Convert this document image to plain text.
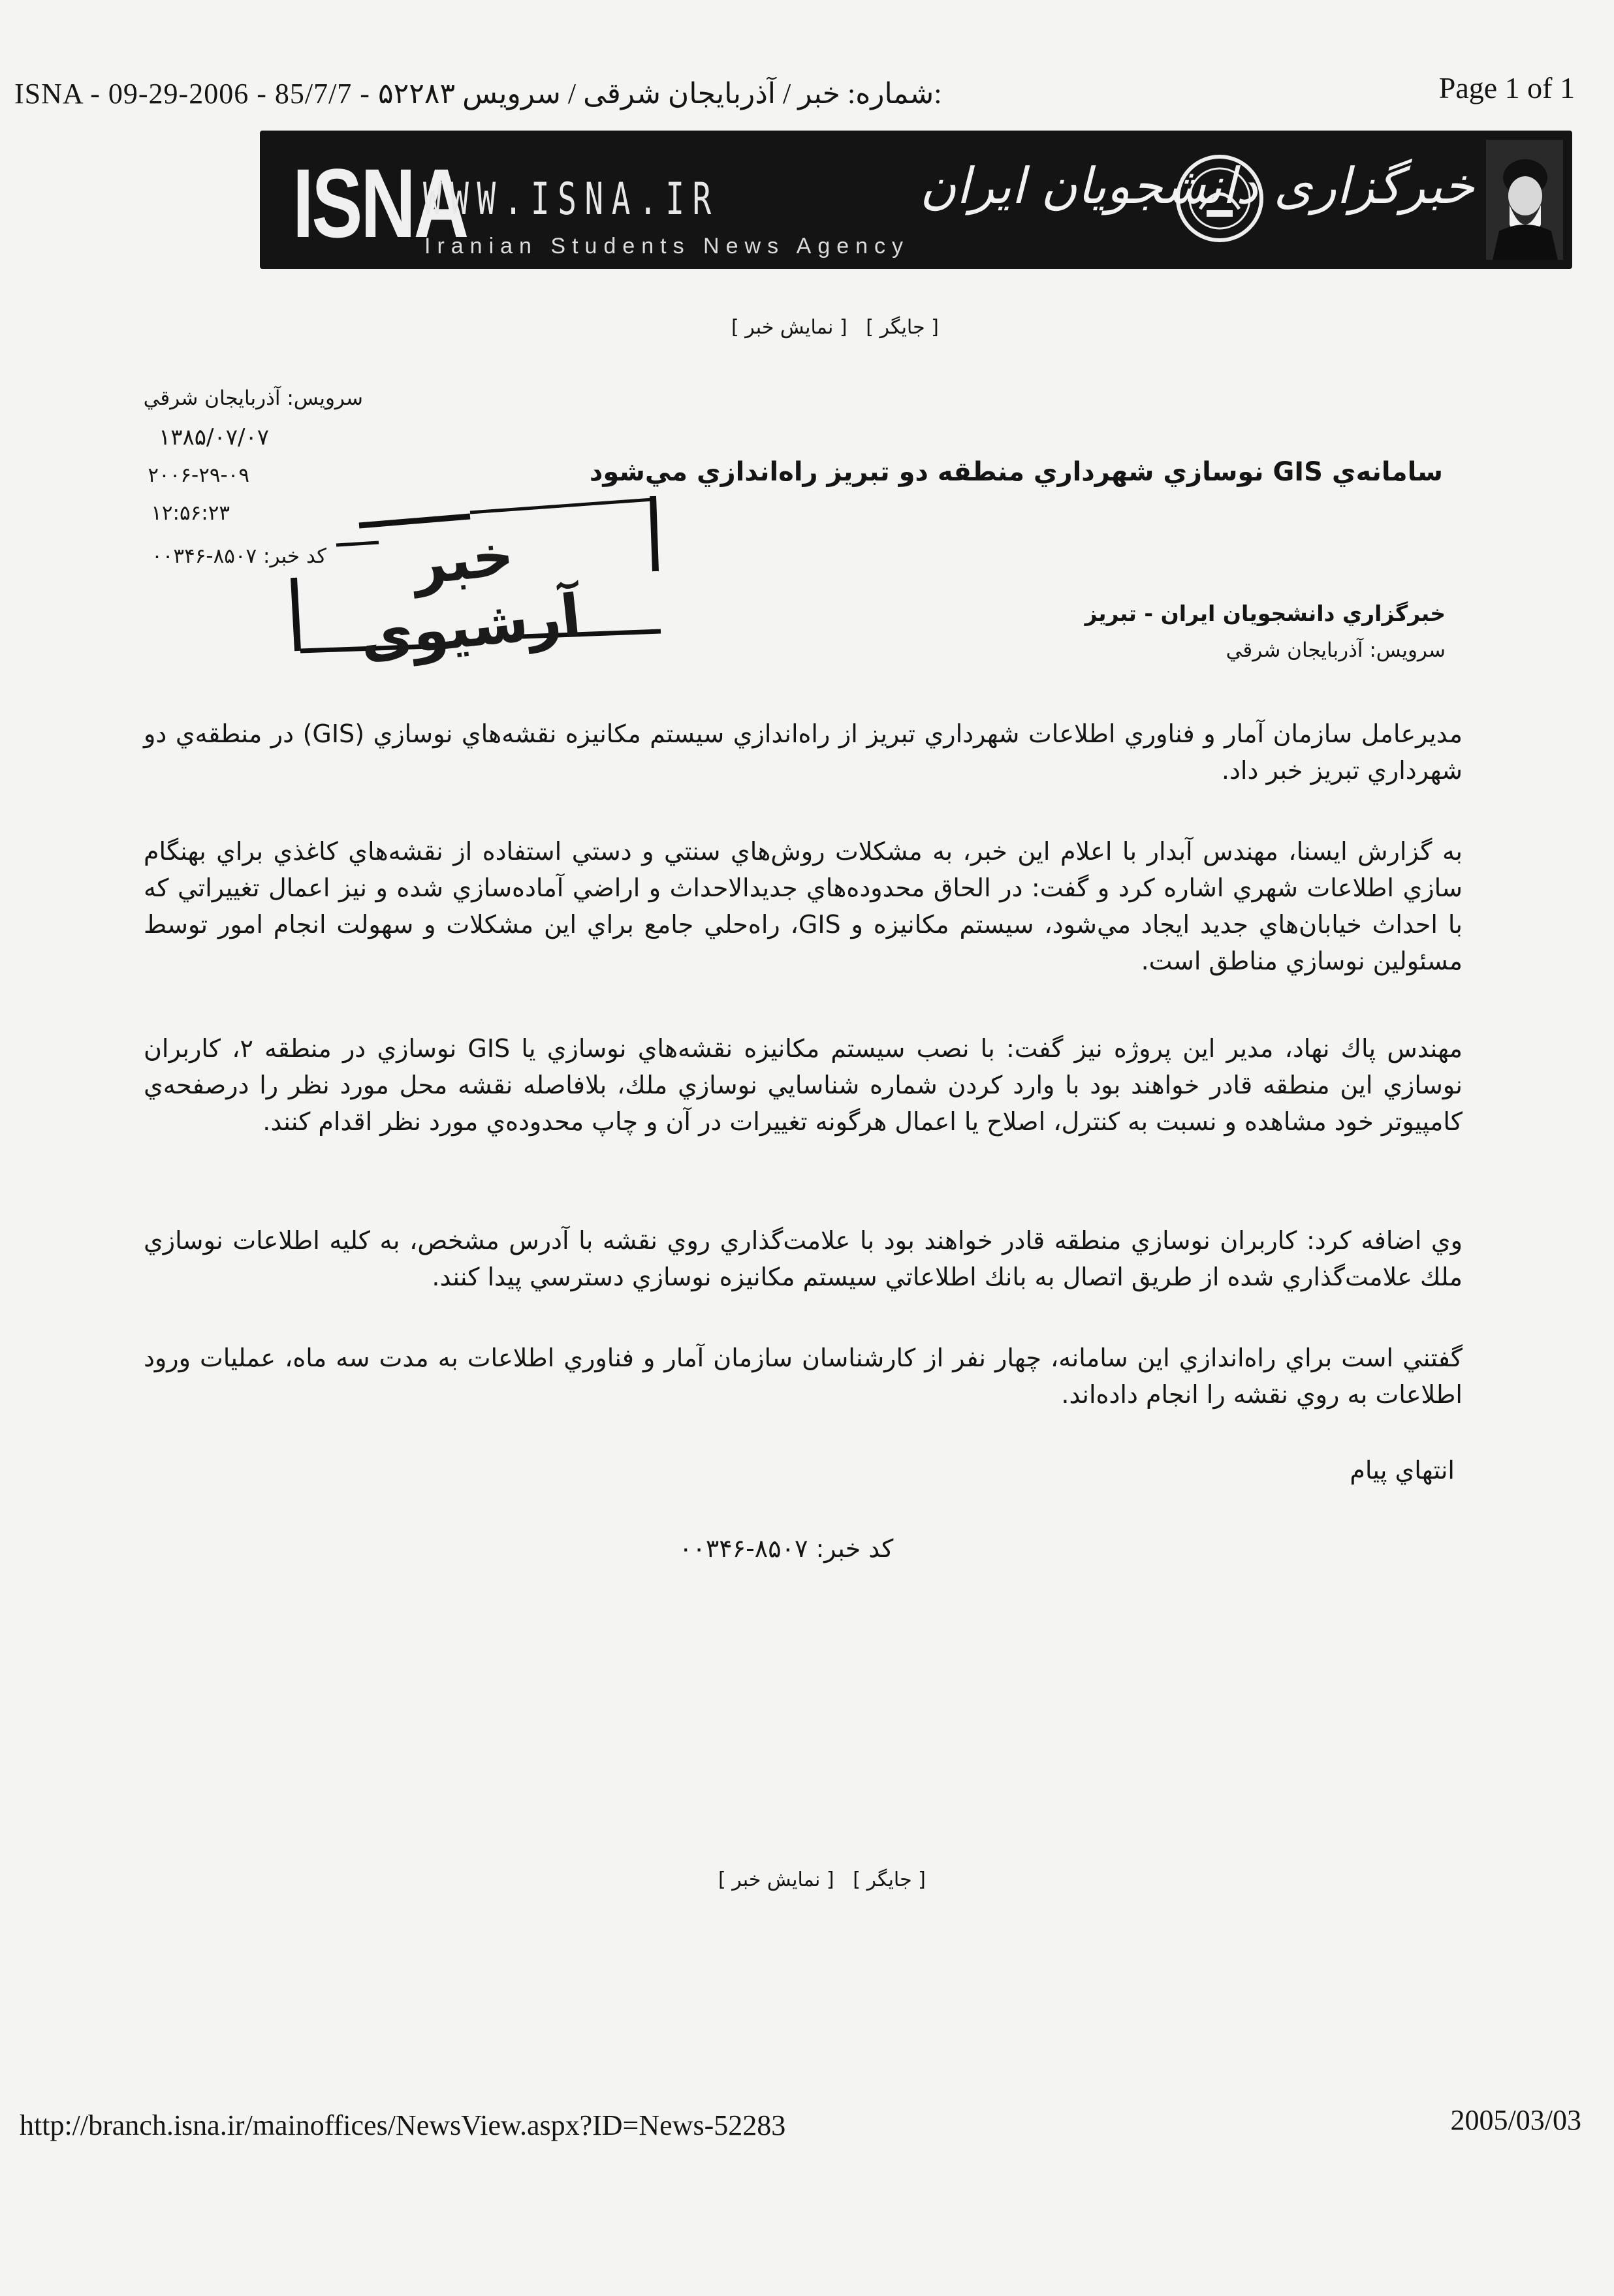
ISNA - 09-29-2006 - 85/7/7 - ۵۲۲۸۳ شماره: خبر / آذربایجان شرقی / سرویس:	Page 1 of 1
ISNA
WWW.ISNA.IR
Iranian Students News Agency
خبرگزاری دانشجویان ایران
[ جايگر ]   [ نمايش خبر ]
سرويس: آذربايجان شرقي
۱۳۸۵/۰۷/۰۷
۲۰۰۶-۲۹-۰۹
۱۲:۵۶:۲۳
كد خبر: ۸۵۰۷-۰۰۳۴۶	خبر آرشيوى
سامانه‌ي GIS نوسازي شهرداري منطقه دو تبريز راه‌اندازي مي‌شود
خبرگزاري دانشجويان ايران - تبريز
سرويس: آذربايجان شرقي
مديرعامل سازمان آمار و فناوري اطلاعات شهرداري تبريز از راه‌اندازي سيستم مكانيزه نقشه‌هاي نوسازي (GIS) در منطقه‌ي دو شهرداري تبريز خبر داد.
به گزارش ايسنا، مهندس آبدار با اعلام اين خبر، به مشكلات روش‌هاي سنتي و دستي استفاده از نقشه‌هاي كاغذي براي بهنگام سازي اطلاعات شهري اشاره كرد و گفت: در الحاق محدوده‌هاي جديدالاحداث و اراضي آماده‌سازي شده و نيز اعمال تغييراتي كه با احداث خيابان‌هاي جديد ايجاد مي‌شود، سيستم مكانيزه و GIS، راه‌حلي جامع براي اين مشكلات و سهولت انجام امور توسط مسئولين نوسازي مناطق است.
مهندس پاك نهاد، مدير اين پروژه نيز گفت: با نصب سيستم مكانيزه نقشه‌هاي نوسازي يا GIS نوسازي در منطقه ۲، كاربران نوسازي اين منطقه قادر خواهند بود با وارد كردن شماره شناسايي نوسازي ملك، بلافاصله نقشه محل مورد نظر را درصفحه‌ي كامپيوتر خود مشاهده و نسبت به كنترل، اصلاح يا اعمال هرگونه تغييرات در آن و چاپ محدوده‌ي مورد نظر اقدام كنند.
وي اضافه كرد: كاربران نوسازي منطقه قادر خواهند بود با علامت‌گذاري روي نقشه با آدرس مشخص، به كليه اطلاعات نوسازي ملك علامت‌گذاري شده از طريق اتصال به بانك اطلاعاتي سيستم مكانيزه نوسازي دسترسي پيدا كنند.
گفتني است براي راه‌اندازي اين سامانه، چهار نفر از كارشناسان سازمان آمار و فناوري اطلاعات به مدت سه ماه، عمليات ورود اطلاعات به روي نقشه را انجام داده‌اند.
انتهاي پيام
كد خبر: ۸۵۰۷-۰۰۳۴۶
[ جايگر ]   [ نمايش خبر ]
http://branch.isna.ir/mainoffices/NewsView.aspx?ID=News-52283	2005/03/03
